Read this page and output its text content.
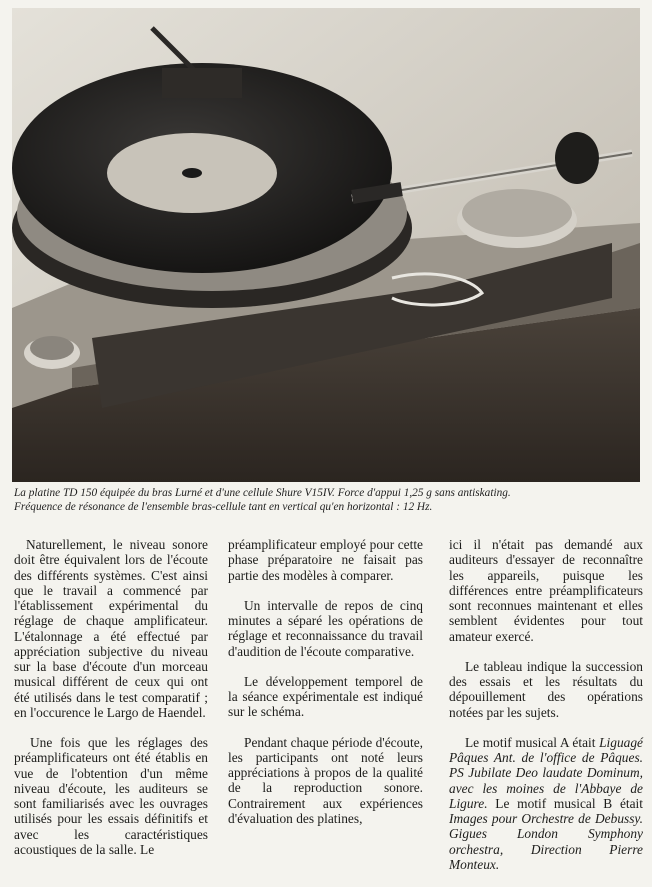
La platine TD 150 équipée du bras Lurné et d'une cellule Shure V15IV. Force d'appui 1,25 g sans antiskating.

Fréquence de résonance de l'ensemble bras-cellule tant en vertical qu'en horizontal : 12 Hz.

Naturellement, le niveau sonore doit être équivalent lors de l'écoute des différents systèmes. C'est ainsi que le travail a commencé par l'établissement expérimental du réglage de chaque amplificateur. L'étalonnage a été effectué par appréciation subjective du niveau sur la base d'écoute d'un morceau musical différent de ceux qui ont été utilisés dans le test comparatif ; en l'occurence le Largo de Haendel.

Une fois que les réglages des préamplificateurs ont été établis en vue de l'obtention d'un même niveau d'écoute, les auditeurs se sont familiarisés avec les ouvrages utilisés pour les essais définitifs et avec les caractéristiques acoustiques de la salle. Le

préamplificateur employé pour cette phase préparatoire ne faisait pas partie des modèles à comparer.

Un intervalle de repos de cinq minutes a séparé les opérations de réglage et reconnaissance du travail d'audition de l'écoute comparative.

Le développement temporel de la séance expérimentale est indiqué sur le schéma.

Pendant chaque période d'écoute, les participants ont noté leurs appréciations à propos de la qualité de la reproduction sonore. Contrairement aux expériences d'évaluation des platines,

ici il n'était pas demandé aux auditeurs d'essayer de reconnaître les appareils, puisque les différences entre préamplificateurs sont reconnues maintenant et elles semblent évidentes pour tout amateur exercé.

Le tableau indique la succession des essais et les résultats du dépouillement des opérations notées par les sujets.

Le motif musical A était Liguagé Pâques Ant. de l'office de Pâques. PS Jubilate Deo laudate Dominum, avec les moines de l'Abbaye de Ligure. Le motif musical B était Images pour Orchestre de Debussy. Gigues London Symphony orchestra, Direction Pierre Monteux.
